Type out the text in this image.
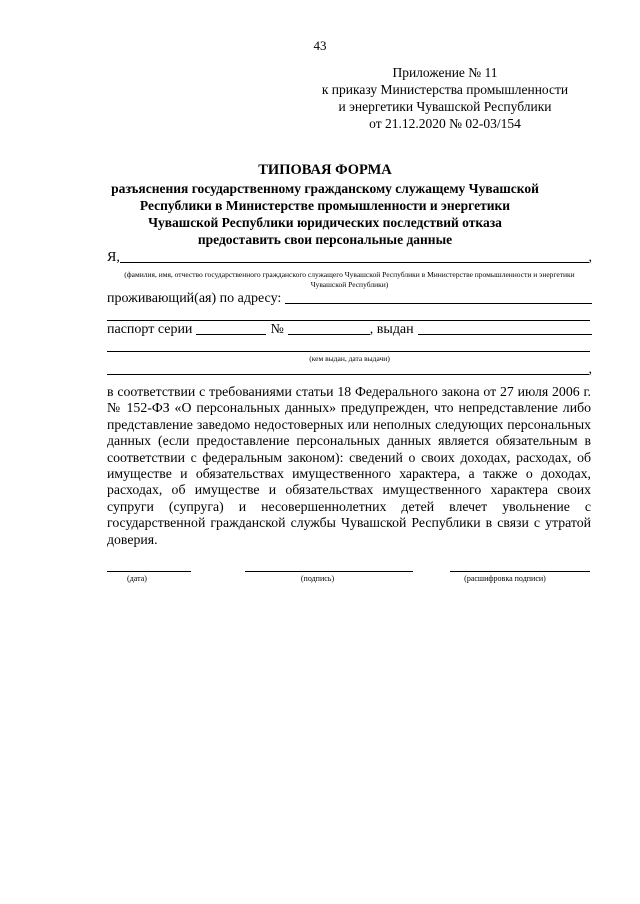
43
Приложение № 11
к приказу Министерства промышленности
и энергетики Чувашской Республики
от 21.12.2020 № 02-03/154
ТИПОВАЯ ФОРМА
разъяснения государственному гражданскому служащему Чувашской Республики в Министерстве промышленности и энергетики Чувашской Республики юридических последствий отказа предоставить свои персональные данные
Я,	,
(фамилия, имя, отчество государственного гражданского служащего Чувашской Республики в Министерстве промышленности и энергетики Чувашской Республики)
проживающий(ая) по адресу:
паспорт серии	№	, выдан
(кем выдан, дата выдачи)
,
в соответствии с требованиями статьи 18 Федерального закона от 27 июля 2006 г. № 152-ФЗ «О персональных данных» предупрежден, что непредставление либо представление заведомо недостоверных или неполных следующих персональных данных (если предоставление персональных данных является обязательным в соответствии с федеральным законом): сведений о своих доходах, расходах, об имуществе и обязательствах имущественного характера, а также о доходах, расходах, об имуществе и обязательствах имущественного характера своих супруги (супруга) и несовершеннолетних детей влечет увольнение с государственной гражданской службы Чувашской Республики в связи с утратой доверия.
(дата)	(подпись)	(расшифровка подписи)
